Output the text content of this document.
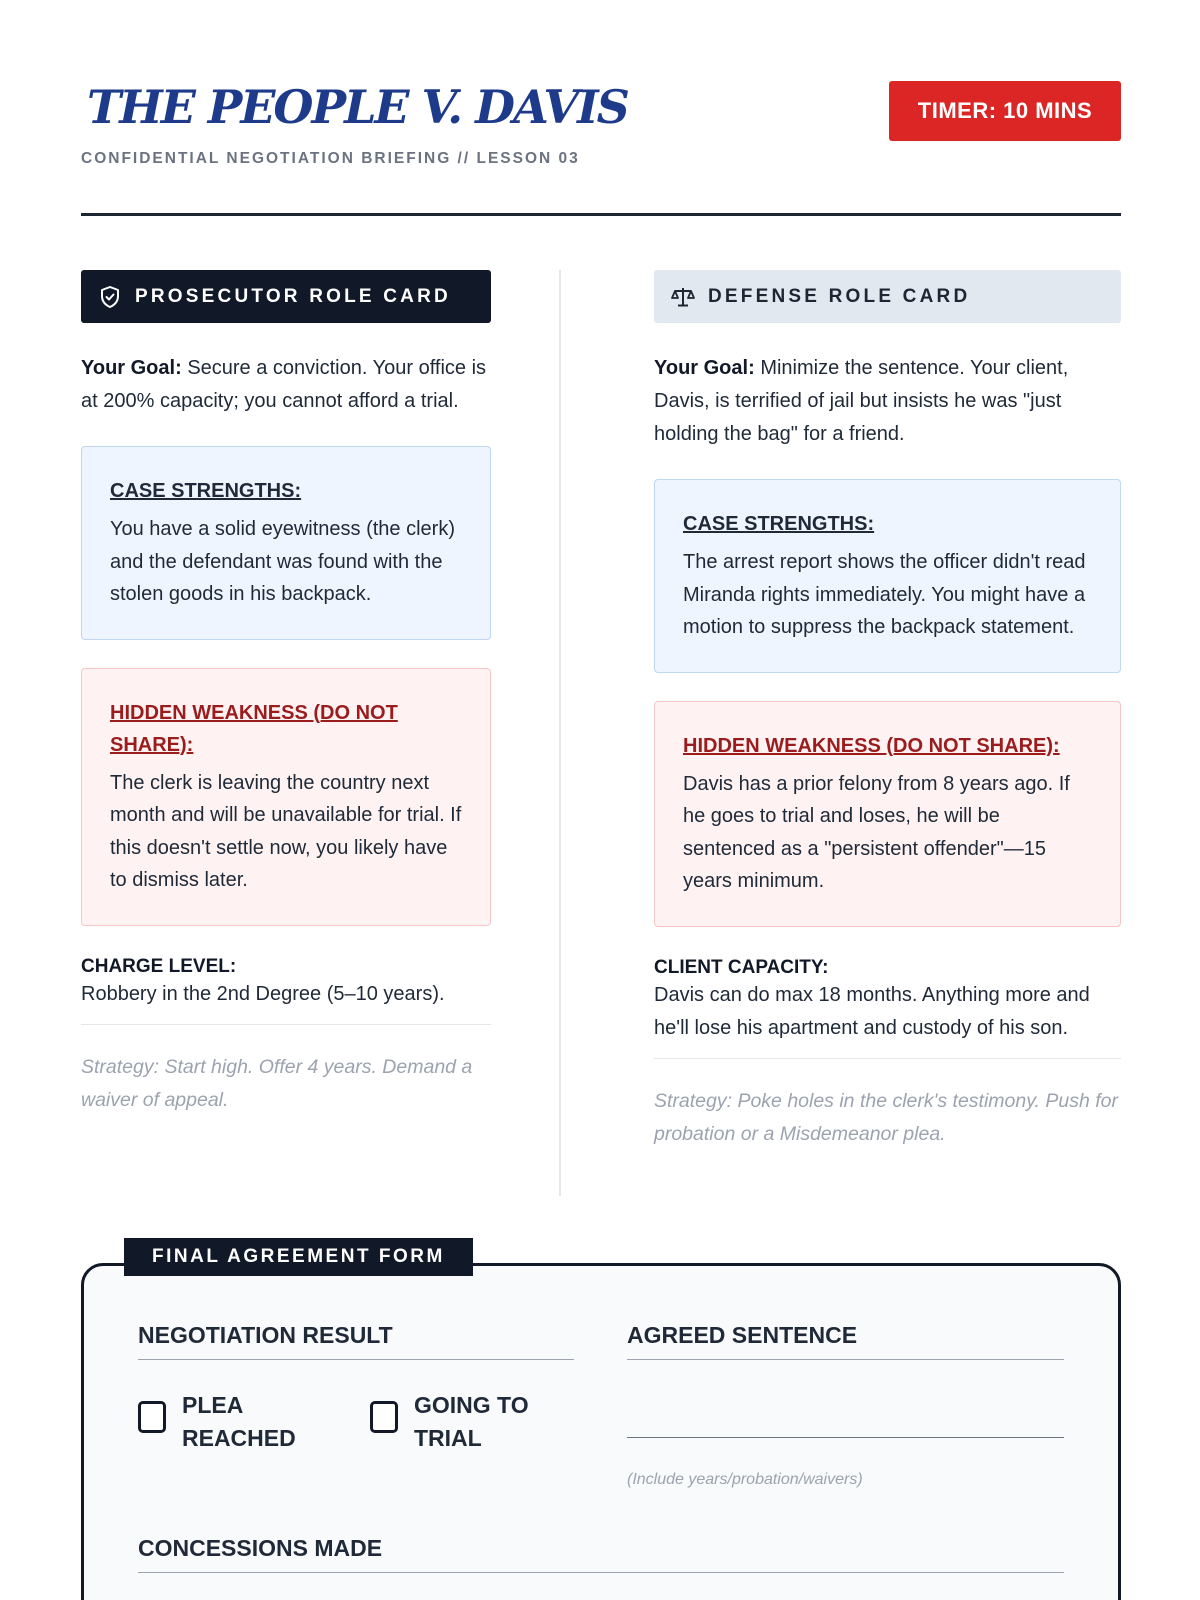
THE PEOPLE V. DAVIS
CONFIDENTIAL NEGOTIATION BRIEFING // LESSON 03
TIMER: 10 MINS
PROSECUTOR ROLE CARD
Your Goal: Secure a conviction. Your office is at 200% capacity; you cannot afford a trial.
CASE STRENGTHS:
You have a solid eyewitness (the clerk) and the defendant was found with the stolen goods in his backpack.
HIDDEN WEAKNESS (DO NOT SHARE):
The clerk is leaving the country next month and will be unavailable for trial. If this doesn't settle now, you likely have to dismiss later.
CHARGE LEVEL:
Robbery in the 2nd Degree (5–10 years).
Strategy: Start high. Offer 4 years. Demand a waiver of appeal.
DEFENSE ROLE CARD
Your Goal: Minimize the sentence. Your client, Davis, is terrified of jail but insists he was "just holding the bag" for a friend.
CASE STRENGTHS:
The arrest report shows the officer didn't read Miranda rights immediately. You might have a motion to suppress the backpack statement.
HIDDEN WEAKNESS (DO NOT SHARE):
Davis has a prior felony from 8 years ago. If he goes to trial and loses, he will be sentenced as a "persistent offender"—15 years minimum.
CLIENT CAPACITY:
Davis can do max 18 months. Anything more and he'll lose his apartment and custody of his son.
Strategy: Poke holes in the clerk's testimony. Push for probation or a Misdemeanor plea.
FINAL AGREEMENT FORM
NEGOTIATION RESULT
PLEA REACHED
GOING TO TRIAL
AGREED SENTENCE
(Include years/probation/waivers)
CONCESSIONS MADE
